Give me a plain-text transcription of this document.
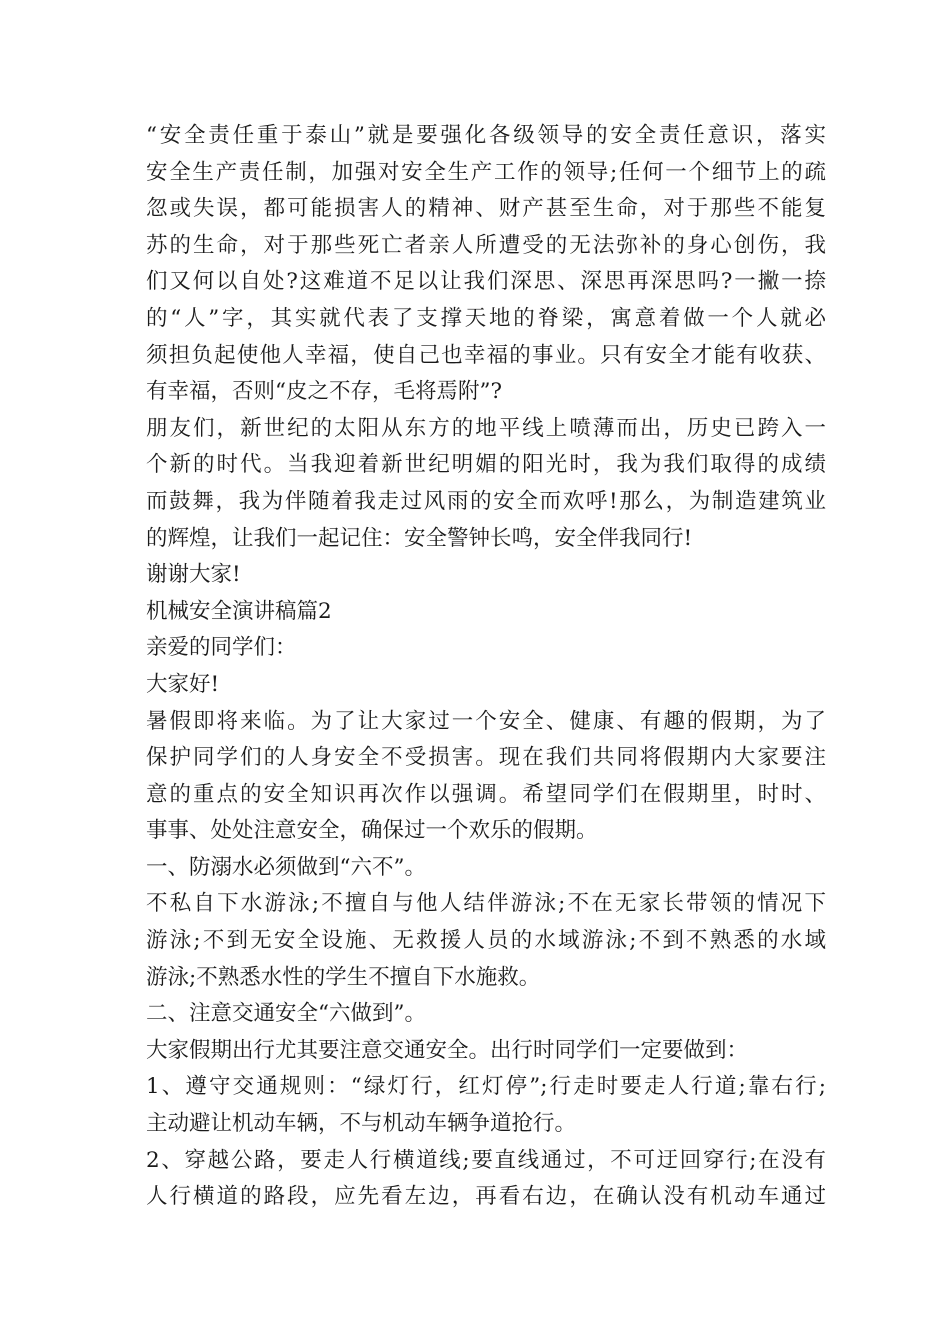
“安全责任重于泰山”就是要强化各级领导的安全责任意识，落实
安全生产责任制，加强对安全生产工作的领导;任何一个细节上的疏
忽或失误，都可能损害人的精神、财产甚至生命，对于那些不能复
苏的生命，对于那些死亡者亲人所遭受的无法弥补的身心创伤，我
们又何以自处?这难道不足以让我们深思、深思再深思吗?一撇一捺
的“人”字，其实就代表了支撑天地的脊梁，寓意着做一个人就必
须担负起使他人幸福，使自己也幸福的事业。只有安全才能有收获、
有幸福，否则“皮之不存，毛将焉附”?
朋友们，新世纪的太阳从东方的地平线上喷薄而出，历史已跨入一
个新的时代。当我迎着新世纪明媚的阳光时，我为我们取得的成绩
而鼓舞，我为伴随着我走过风雨的安全而欢呼!那么，为制造建筑业
的辉煌，让我们一起记住：安全警钟长鸣，安全伴我同行!
谢谢大家!
机械安全演讲稿篇2
亲爱的同学们：
大家好!
暑假即将来临。为了让大家过一个安全、健康、有趣的假期，为了
保护同学们的人身安全不受损害。现在我们共同将假期内大家要注
意的重点的安全知识再次作以强调。希望同学们在假期里，时时、
事事、处处注意安全，确保过一个欢乐的假期。
一、防溺水必须做到“六不”。
不私自下水游泳;不擅自与他人结伴游泳;不在无家长带领的情况下
游泳;不到无安全设施、无救援人员的水域游泳;不到不熟悉的水域
游泳;不熟悉水性的学生不擅自下水施救。
二、注意交通安全“六做到”。
大家假期出行尤其要注意交通安全。出行时同学们一定要做到：
1、遵守交通规则：“绿灯行，红灯停”;行走时要走人行道;靠右行;
主动避让机动车辆，不与机动车辆争道抢行。
2、穿越公路，要走人行横道线;要直线通过，不可迂回穿行;在没有
人行横道的路段，应先看左边，再看右边，在确认没有机动车通过
